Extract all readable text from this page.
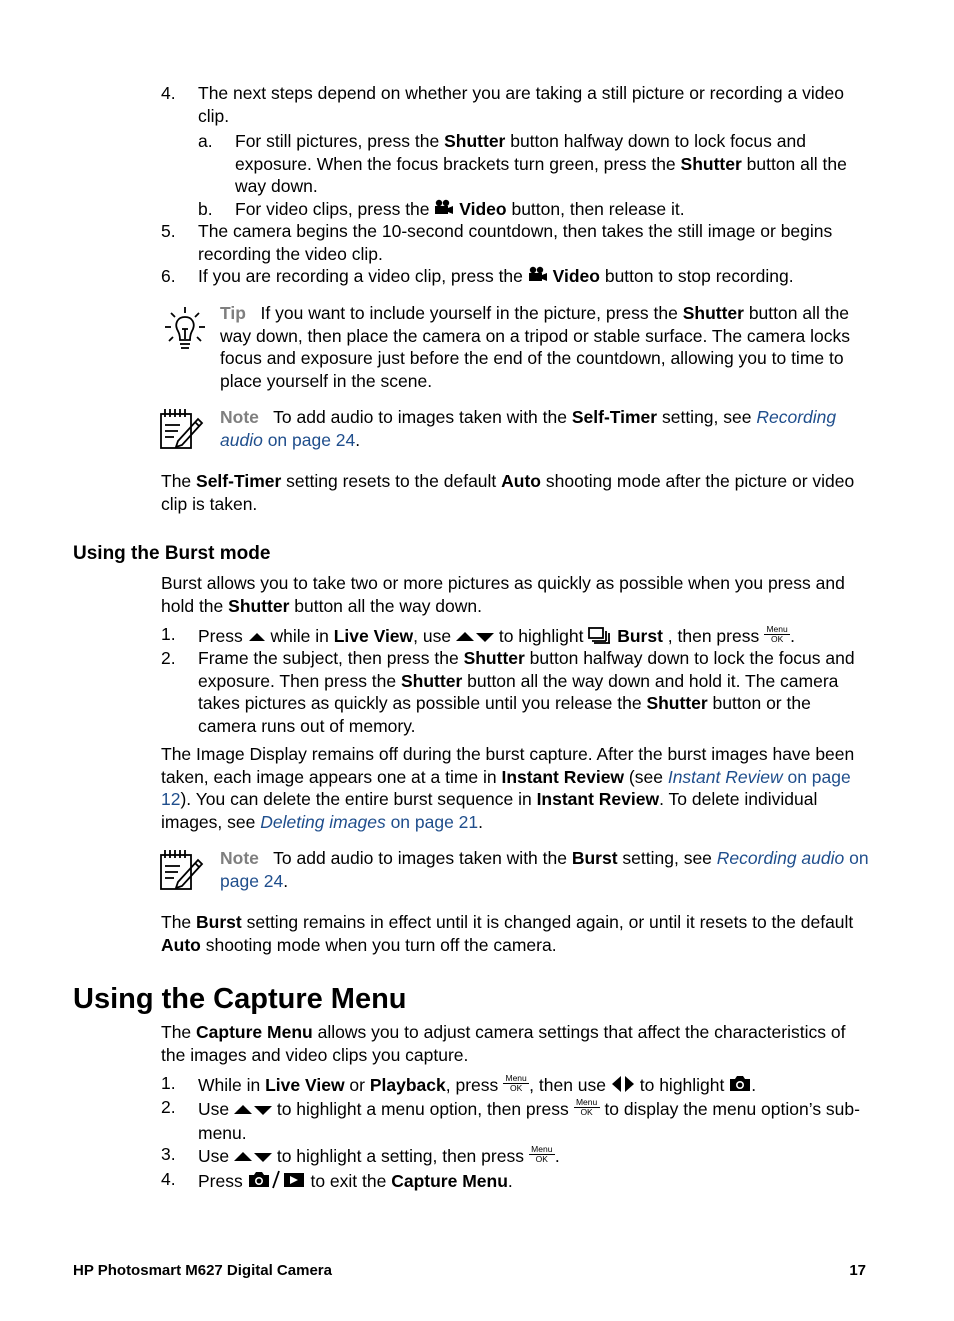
4. The next steps depend on whether you are taking a still picture or recording a video clip.
a. For still pictures, press the Shutter button halfway down to lock focus and exposure. When the focus brackets turn green, press the Shutter button all the way down.
b. For video clips, press the  Video button, then release it.
5. The camera begins the 10-second countdown, then takes the still image or begins recording the video clip.
6. If you are recording a video clip, press the  Video button to stop recording.
Tip If you want to include yourself in the picture, press the Shutter button all the way down, then place the camera on a tripod or stable surface. The camera locks focus and exposure just before the end of the countdown, allowing you to time to place yourself in the scene.
Note To add audio to images taken with the Self-Timer setting, see Recording audio on page 24.
The Self-Timer setting resets to the default Auto shooting mode after the picture or video clip is taken.
Using the Burst mode
Burst allows you to take two or more pictures as quickly as possible when you press and hold the Shutter button all the way down.
1. Press  while in Live View, use  to highlight  Burst , then press Menu
OK .
2. Frame the subject, then press the Shutter button halfway down to lock the focus and exposure. Then press the Shutter button all the way down and hold it. The camera takes pictures as quickly as possible until you release the Shutter button or the camera runs out of memory.
The Image Display remains off during the burst capture. After the burst images have been taken, each image appears one at a time in Instant Review (see Instant Review on page 12). You can delete the entire burst sequence in Instant Review. To delete individual images, see Deleting images on page 21.
Note To add audio to images taken with the Burst setting, see Recording audio on page 24.
The Burst setting remains in effect until it is changed again, or until it resets to the default Auto shooting mode when you turn off the camera.
Using the Capture Menu
The Capture Menu allows you to adjust camera settings that affect the characteristics of the images and video clips you capture.
1. While in Live View or Playback, press Menu
OK , then use  to highlight .
2. Use  to highlight a menu option, then press Menu
OK to display the menu option’s sub-menu.
3. Use  to highlight a setting, then press Menu
OK .
4. Press	to exit the Capture Menu.
HP Photosmart M627 Digital Camera	17
